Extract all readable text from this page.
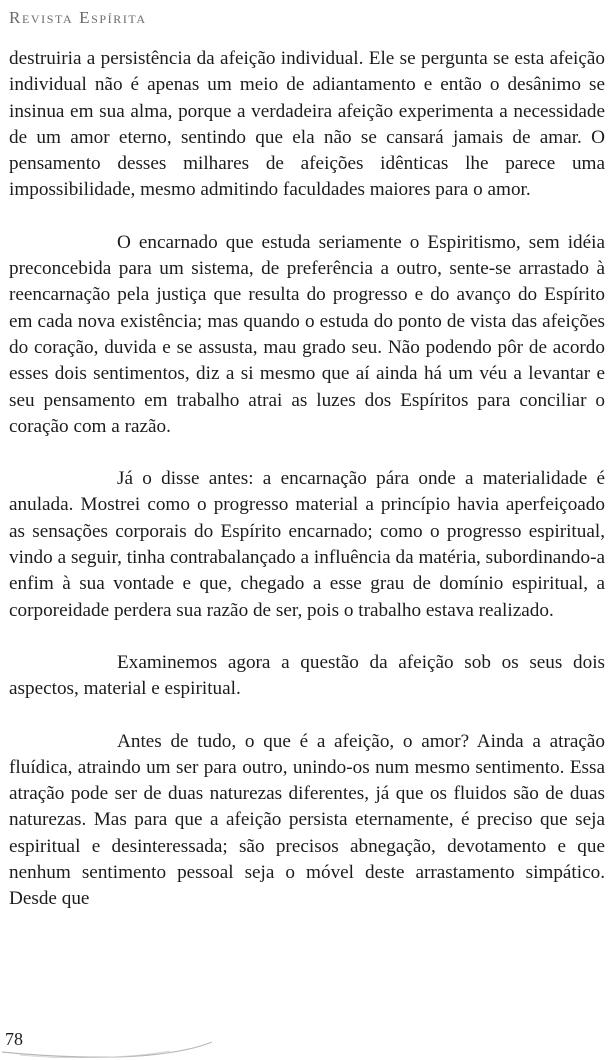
Revista Espírita

destruiria a persistência da afeição individual. Ele se pergunta se esta afeição individual não é apenas um meio de adiantamento e então o desânimo se insinua em sua alma, porque a verdadeira afeição experimenta a necessidade de um amor eterno, sentindo que ela não se cansará jamais de amar. O pensamento desses milhares de afeições idênticas lhe parece uma impossibilidade, mesmo admitindo faculdades maiores para o amor.

O encarnado que estuda seriamente o Espiritismo, sem idéia preconcebida para um sistema, de preferência a outro, sente-se arrastado à reencarnação pela justiça que resulta do progresso e do avanço do Espírito em cada nova existência; mas quando o estuda do ponto de vista das afeições do coração, duvida e se assusta, mau grado seu. Não podendo pôr de acordo esses dois sentimentos, diz a si mesmo que aí ainda há um véu a levantar e seu pensamento em trabalho atrai as luzes dos Espíritos para conciliar o coração com a razão.

Já o disse antes: a encarnação pára onde a materialidade é anulada. Mostrei como o progresso material a princípio havia aperfeiçoado as sensações corporais do Espírito encarnado; como o progresso espiritual, vindo a seguir, tinha contrabalançado a influência da matéria, subordinando-a enfim à sua vontade e que, chegado a esse grau de domínio espiritual, a corporeidade perdera sua razão de ser, pois o trabalho estava realizado.

Examinemos agora a questão da afeição sob os seus dois aspectos, material e espiritual.

Antes de tudo, o que é a afeição, o amor? Ainda a atração fluídica, atraindo um ser para outro, unindo-os num mesmo sentimento. Essa atração pode ser de duas naturezas diferentes, já que os fluidos são de duas naturezas. Mas para que a afeição persista eternamente, é preciso que seja espiritual e desinteressada; são precisos abnegação, devotamento e que nenhum sentimento pessoal seja o móvel deste arrastamento simpático. Desde que

78
